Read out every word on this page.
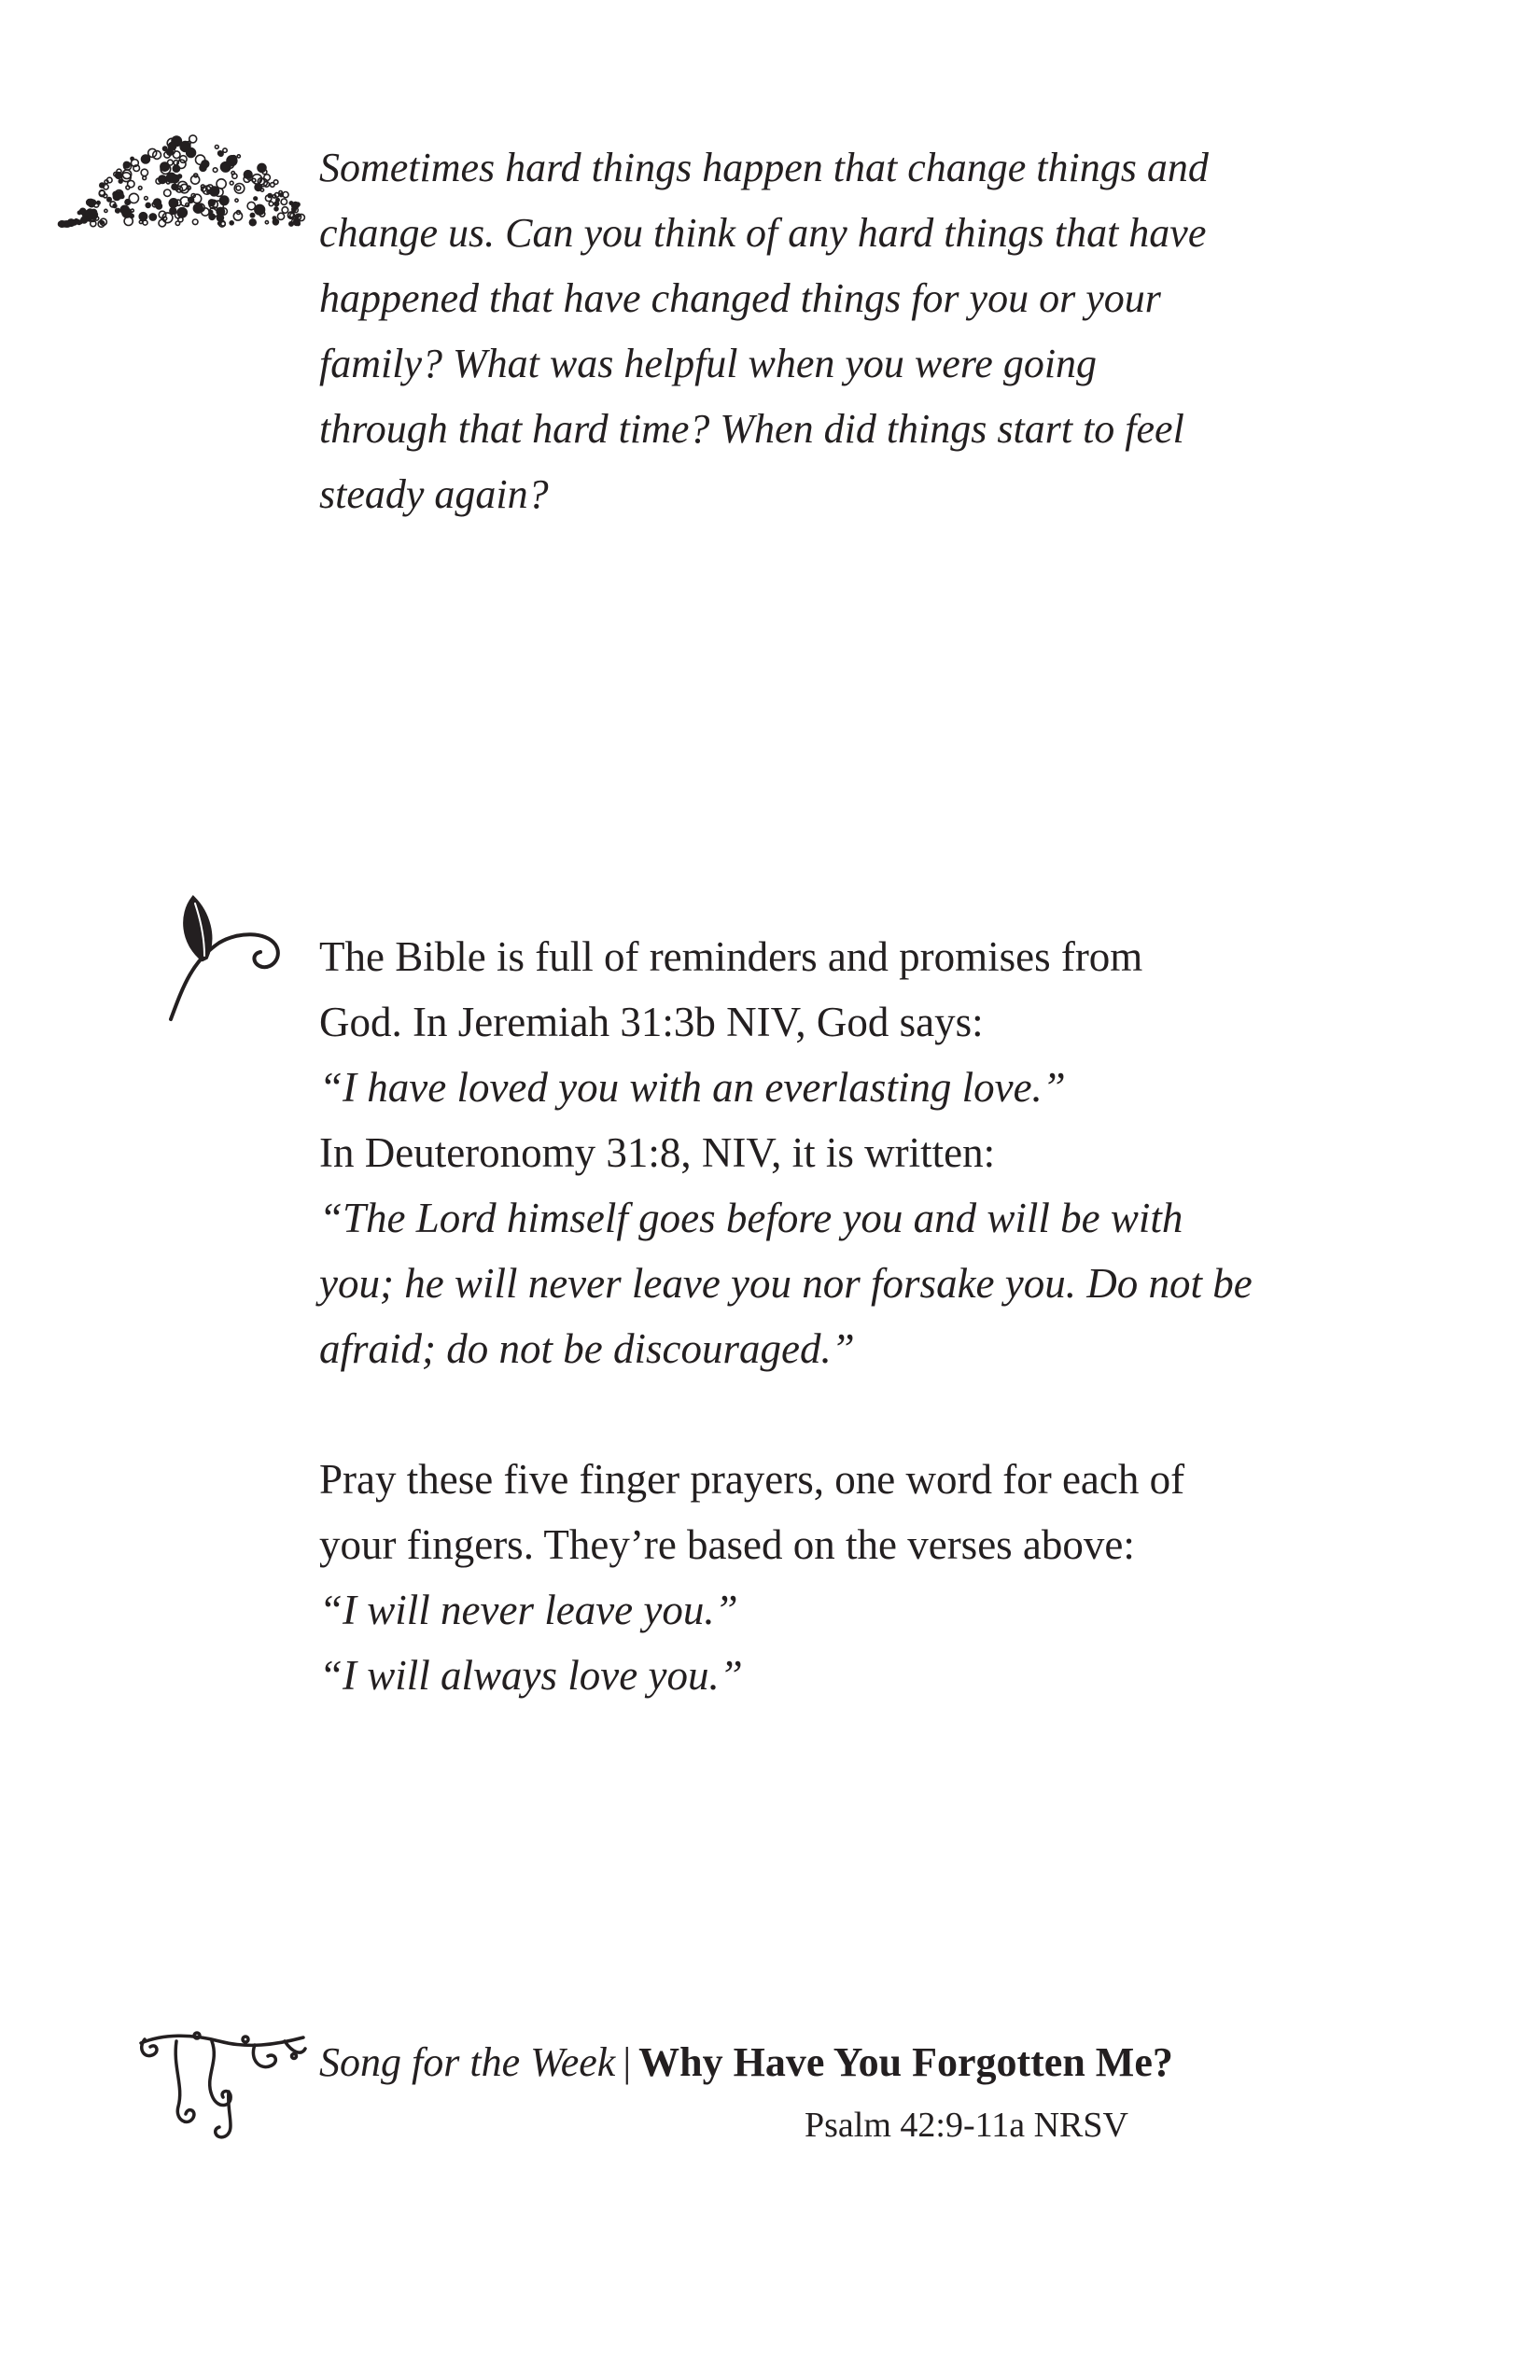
Sometimes hard things happen that change things and
change us. Can you think of any hard things that have
happened that have changed things for you or your
family? What was helpful when you were going
through that hard time? When did things start to feel
steady again?
The Bible is full of reminders and promises from
God. In Jeremiah 31:3b NIV, God says:
“I have loved you with an everlasting love.”
In Deuteronomy 31:8, NIV, it is written:
“The Lord himself goes before you and will be with
you; he will never leave you nor forsake you. Do not be
afraid; do not be discouraged.”
Pray these five finger prayers, one word for each of
your fingers. They’re based on the verses above:
“I will never leave you.”
“I will always love you.”
Song for the Week | Why Have You Forgotten Me?
Psalm 42:9-11a NRSV
